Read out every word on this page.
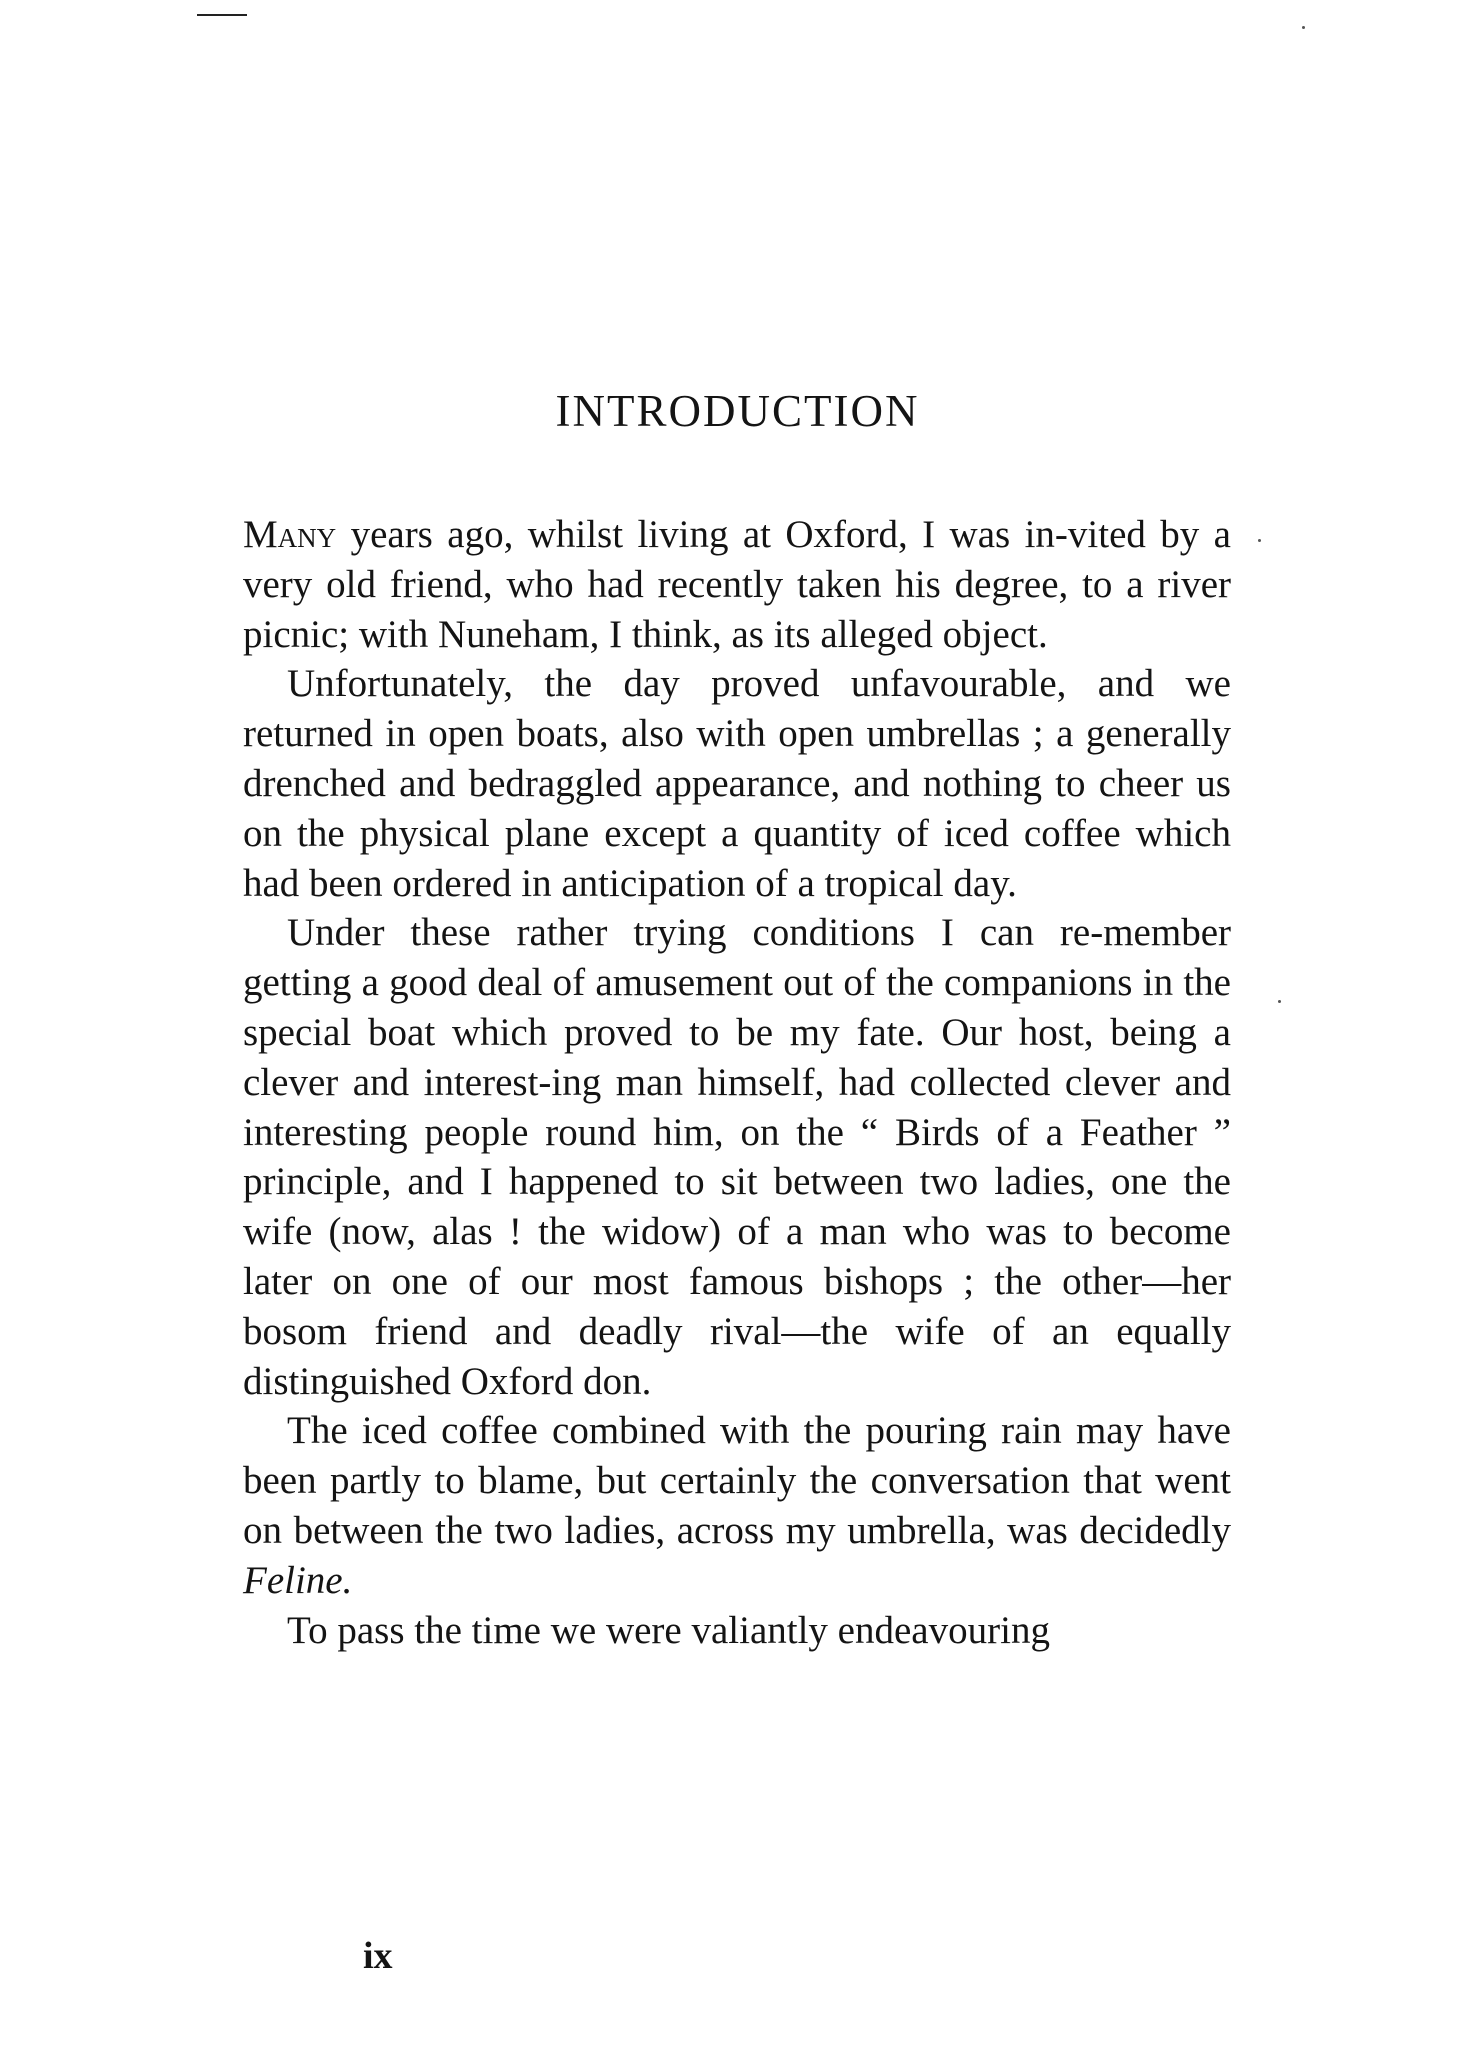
INTRODUCTION

Many years ago, whilst living at Oxford, I was in-vited by a very old friend, who had recently taken his degree, to a river picnic; with Nuneham, I think, as its alleged object.

Unfortunately, the day proved unfavourable, and we returned in open boats, also with open umbrellas ; a generally drenched and bedraggled appearance, and nothing to cheer us on the physical plane except a quantity of iced coffee which had been ordered in anticipation of a tropical day.

Under these rather trying conditions I can re-member getting a good deal of amusement out of the companions in the special boat which proved to be my fate. Our host, being a clever and interest-ing man himself, had collected clever and interesting people round him, on the “ Birds of a Feather ” principle, and I happened to sit between two ladies, one the wife (now, alas ! the widow) of a man who was to become later on one of our most famous bishops ; the other—her bosom friend and deadly rival—the wife of an equally distinguished Oxford don.

The iced coffee combined with the pouring rain may have been partly to blame, but certainly the conversation that went on between the two ladies, across my umbrella, was decidedly Feline.

To pass the time we were valiantly endeavouring

ix
